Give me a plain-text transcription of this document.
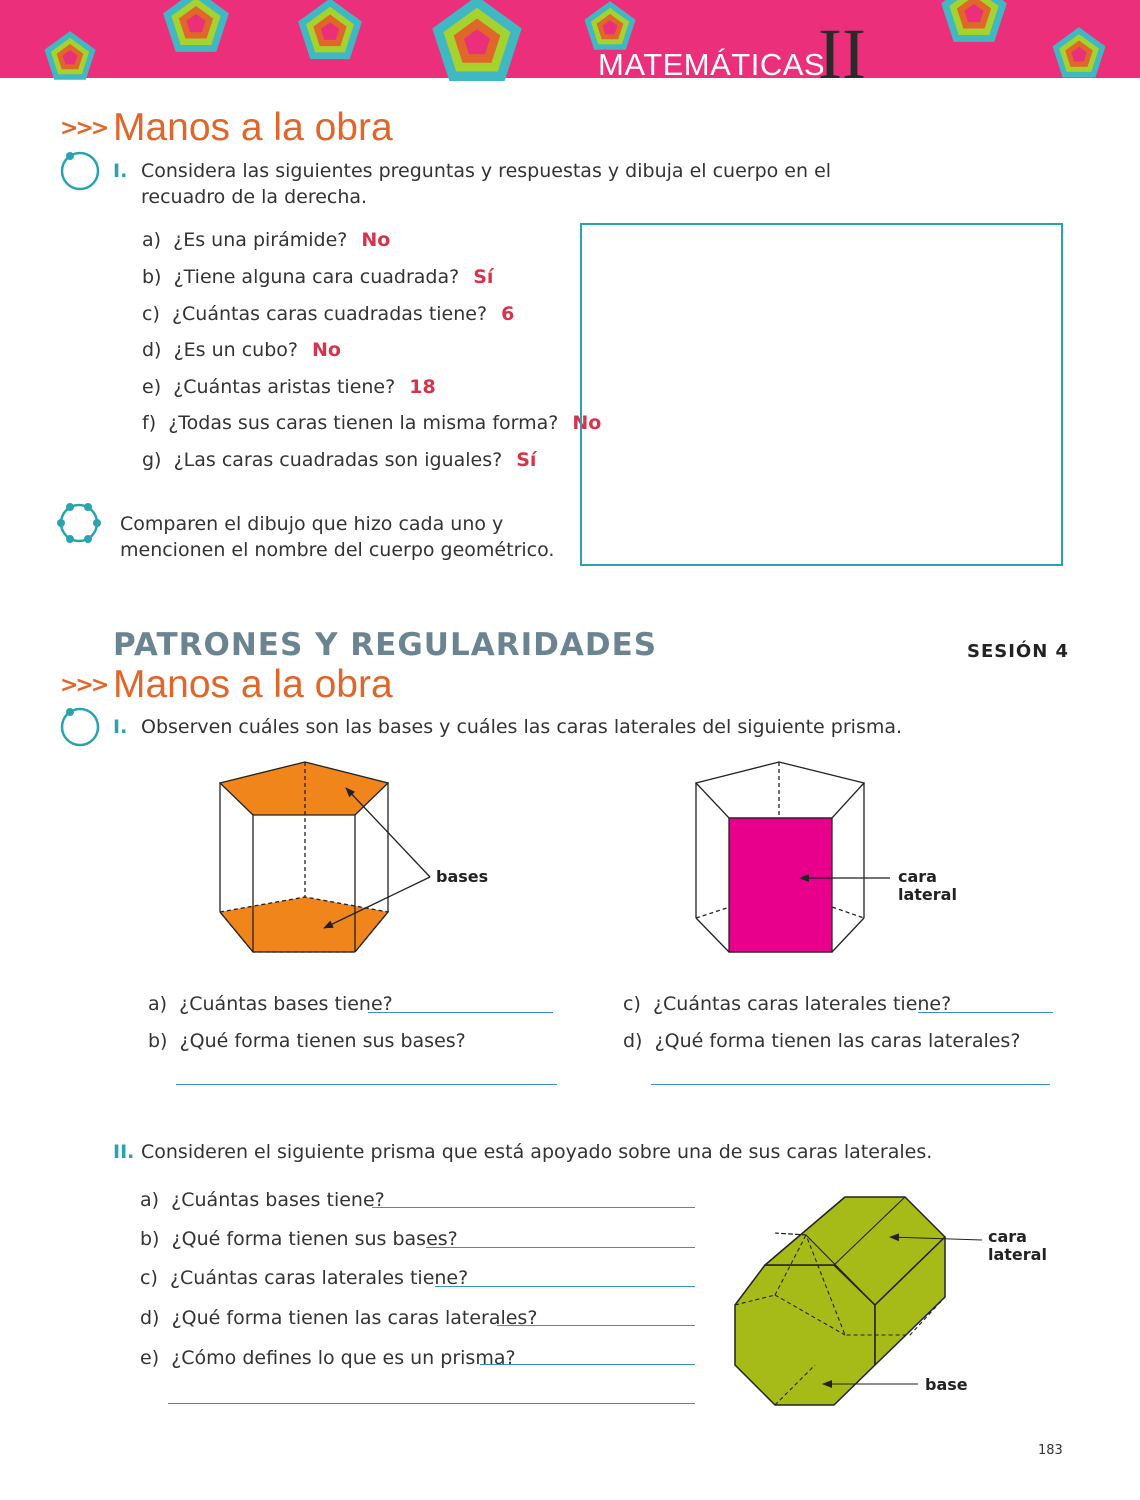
MATEMÁTICAS
II
>>> Manos a la obra
I. Considera las siguientes preguntas y respuestas y dibuja el cuerpo en el recuadro de la derecha.
a) ¿Es una pirámide? No
b) ¿Tiene alguna cara cuadrada? Sí
c) ¿Cuántas caras cuadradas tiene? 6
d) ¿Es un cubo? No
e) ¿Cuántas aristas tiene? 18
f) ¿Todas sus caras tienen la misma forma? No
g) ¿Las caras cuadradas son iguales? Sí
Comparen el dibujo que hizo cada uno y mencionen el nombre del cuerpo geométrico.
PATRONES Y REGULARIDADES	SESIÓN 4
>>> Manos a la obra
I. Observen cuáles son las bases y cuáles las caras laterales del siguiente prisma.
bases	cara
lateral
a) ¿Cuántas bases tiene?
b) ¿Qué forma tienen sus bases?
c) ¿Cuántas caras laterales tiene?
d) ¿Qué forma tienen las caras laterales?
II. Consideren el siguiente prisma que está apoyado sobre una de sus caras laterales.
a) ¿Cuántas bases tiene?
b) ¿Qué forma tienen sus bases?
c) ¿Cuántas caras laterales tiene?
d) ¿Qué forma tienen las caras laterales?
e) ¿Cómo defines lo que es un prisma?
cara
lateral
base
183
